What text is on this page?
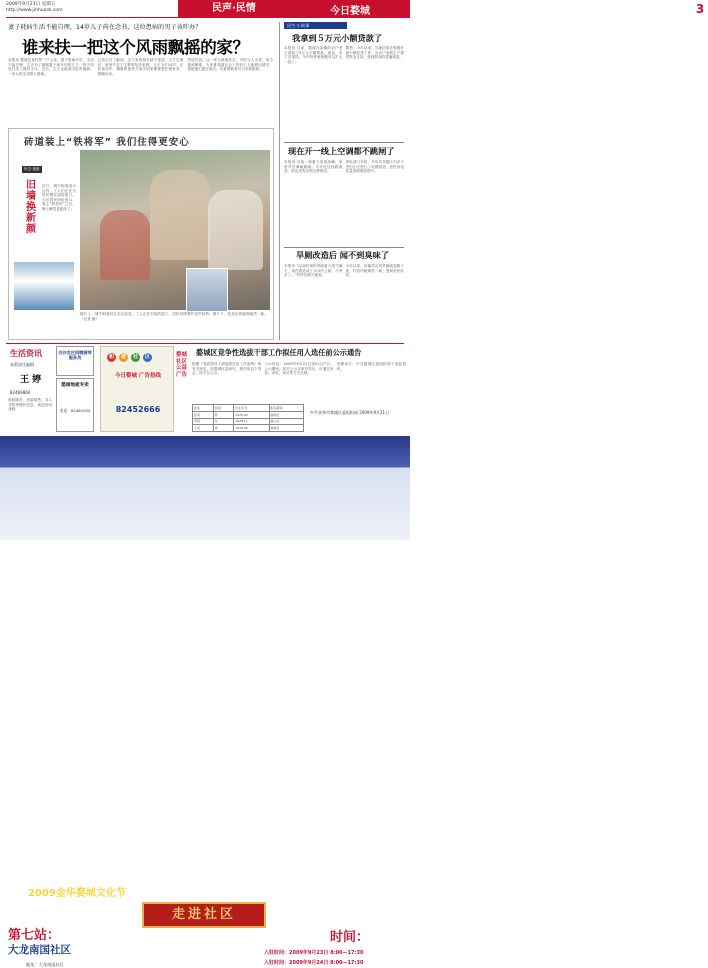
2009年9月21日 星期五
http://www.jinhuarb.com	民声·民情	今日婺城	3
妻子耗病生活不能自理，14岁儿子尚在念书，这位患病的男子该咋办？
谁来扶一把这个风雨飘摇的家？
本报讯 婺城区某村的一户人家，妻子患病多年，生活不能自理，丈夫为了照顾妻子和年幼的儿子，每天四处打零工维持生计。近日，丈夫也被查出患有重病，一家人的生活陷入困境。
记者走访了解到，这个家庭原本就不富裕，丈夫生病后，家里失去了主要的经济来源。儿子今年14岁，正在读初中，懂事的他每天放学回家都要帮忙做家务、照顾母亲。
邻居们说，这一家人都很朴实，平时与人为善。如今遇到困难，大家都希望社会上的好心人能伸出援手，帮助他们渡过难关。有意帮助者可与本报联系。
砖道装上“铁将军” 我们住得更安心
民生·视窗
旧墙换新颜
近日，城中街道某小区内，工人们正在为居民楼安装防盗门。小区居民纷纷表示，装上“铁将军”之后，晚上睡觉更踏实了。
图片上：城中街道旧住宅区改造，工人正在安装防盗门，居民们围观并连声称赞。图片下：改造后的墙面焕然一新。（记者 摄）
民生·小故事
我拿到５万元小额贷款了
本报讯 日前，婺城区某镇的农户老王拿到了5万元小额贷款。他说，有了这笔钱，今年的养殖规模可以扩大一倍了。
据悉，今年以来，当地信用社积极开展小额信贷工作，为农户发展生产提供资金支持，受到群众的普遍欢迎。
现在开一线上空调都不跳闸了
本报讯 以前一到夏天用电高峰，家里开空调就跳闸。今年经过线路改造，再也没有出现这种情况。
供电部门介绍，今年共对辖区内多个老旧小区进行了电网改造，居民用电质量得到明显提升。
旱厕改造后 闻不到臭味了
本报讯 “以前村里的旱厕夏天臭气熏天，现在改造成了水冲式公厕，干净多了。”村民们高兴地说。
今年以来，该镇共完成旱厕改造数十座，村容村貌焕然一新，受到村民好评。
生活资讯
本版责任编辑
王 婷
82469860
家政服务、房屋租售、寻人寻物等便民信息，欢迎来电登载。
白沙农庄招聘厨师服务员
婺城地板专卖
电话：82461930
和	谐	社	区
今日婺城 广告热线
82452666
婺城社区公益广告
婺城区竞争性选拔干部工作拟任用人选任前公示通告
根据《党政领导干部选拔任用工作条例》的有关规定，经婺城区委研究，拟任用以下同志，现予以公示。
公示时间：2009年9月21日至9月27日。公示期间，如对公示对象有异议，可通过来信、来电、来访等方式反映。
受理单位：中共婺城区委组织部干部监督科。
姓名	性别	出生年月	拟任职务
张某	男	1975.03	副局长
李某	女	1978.11	副主任
王某	男	1976.06	副局长
中共金华市婺城区委组织部 2009年9月21日
婺城首届社区文化节
2009金华婺城文化节
主办单位：婺城区委宣传部
www.jinhuarb.com
走进社区
第七站：
大龙南国社区
地址：大龙南国社区
时间：
入驻时间：2009年9月23日 8:00—17:30
入驻时间：2009年9月24日 8:00—17:30
